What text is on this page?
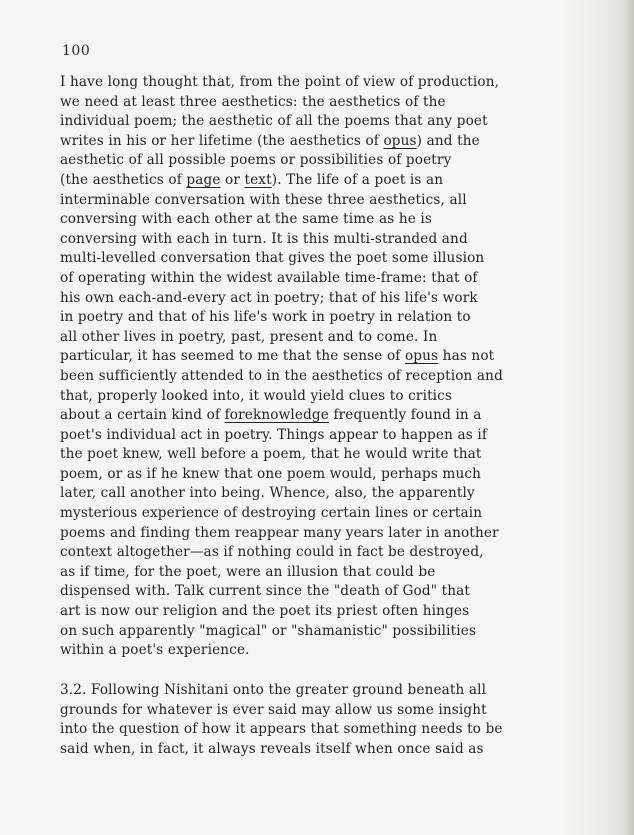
100
I have long thought that, from the point of view of production,
we need at least three aesthetics: the aesthetics of the
individual poem; the aesthetic of all the poems that any poet
writes in his or her lifetime (the aesthetics of opus) and the
aesthetic of all possible poems or possibilities of poetry
(the aesthetics of page or text). The life of a poet is an
interminable conversation with these three aesthetics, all
conversing with each other at the same time as he is
conversing with each in turn. It is this multi-stranded and
multi-levelled conversation that gives the poet some illusion
of operating within the widest available time-frame: that of
his own each-and-every act in poetry; that of his life's work
in poetry and that of his life's work in poetry in relation to
all other lives in poetry, past, present and to come. In
particular, it has seemed to me that the sense of opus has not
been sufficiently attended to in the aesthetics of reception and
that, properly looked into, it would yield clues to critics
about a certain kind of foreknowledge frequently found in a
poet's individual act in poetry. Things appear to happen as if
the poet knew, well before a poem, that he would write that
poem, or as if he knew that one poem would, perhaps much
later, call another into being. Whence, also, the apparently
mysterious experience of destroying certain lines or certain
poems and finding them reappear many years later in another
context altogether—as if nothing could in fact be destroyed,
as if time, for the poet, were an illusion that could be
dispensed with. Talk current since the "death of God" that
art is now our religion and the poet its priest often hinges
on such apparently "magical" or "shamanistic" possibilities
within a poet's experience.
3.2. Following Nishitani onto the greater ground beneath all
grounds for whatever is ever said may allow us some insight
into the question of how it appears that something needs to be
said when, in fact, it always reveals itself when once said as
